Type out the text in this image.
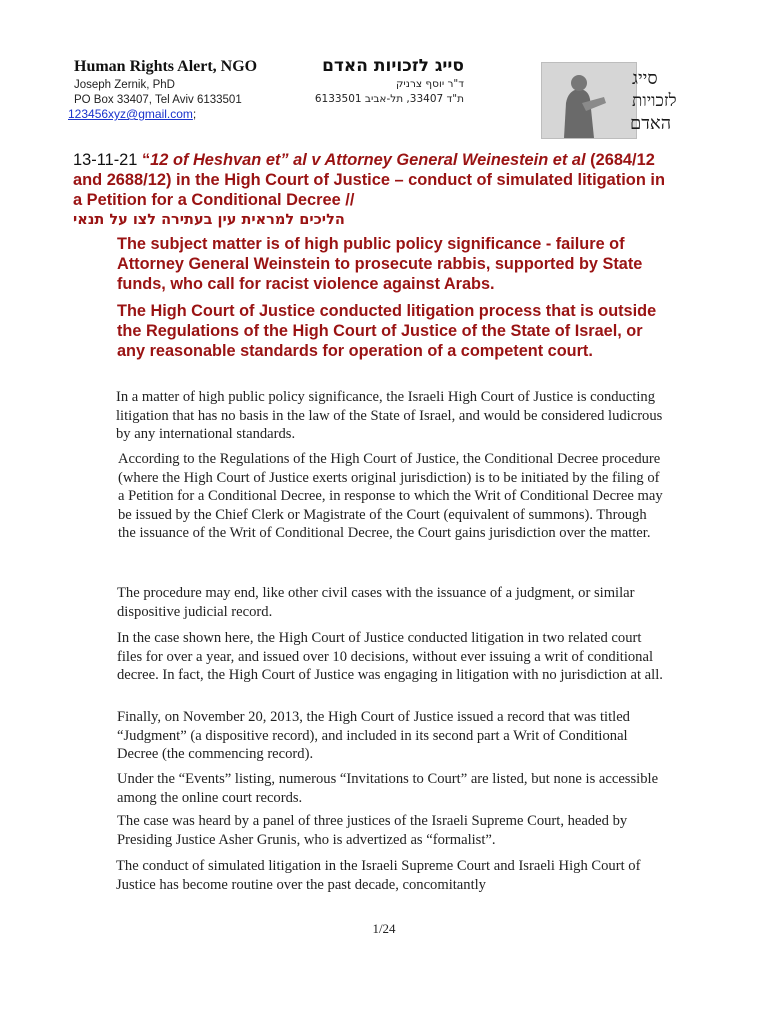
Human Rights Alert, NGO	סייג לזכויות האדם
Joseph Zernik, PhD	ד"ר יוסף צרניק
PO Box 33407, Tel Aviv 6133501	ת"ד 33407, תל-אביב 6133501
123456xyz@gmail.com;
סייג
לזכויות
האדם
13-11-21 “12 of Heshvan et” al v Attorney General Weinestein et al (2684/12 and 2688/12) in the High Court of Justice – conduct of simulated litigation in a Petition for a Conditional Decree //
הליכים למראית עין בעתירה לצו על תנאי
The subject matter is of high public policy significance - failure of Attorney General Weinstein to prosecute rabbis, supported by State funds, who call for racist violence against Arabs.
The High Court of Justice conducted litigation process that is outside the Regulations of the High Court of Justice of the State of Israel, or any reasonable standards for operation of a competent court.
In a matter of high public policy significance, the Israeli High Court of Justice is conducting litigation that has no basis in the law of the State of Israel, and would be considered ludicrous by any international standards.
According to the Regulations of the High Court of Justice, the Conditional Decree procedure (where the High Court of Justice exerts original jurisdiction) is to be initiated by the filing of a Petition for a Conditional Decree, in response to which the Writ of Conditional Decree may be issued by the Chief Clerk or Magistrate of the Court (equivalent of summons). Through the issuance of the Writ of Conditional Decree, the Court gains jurisdiction over the matter.
The procedure may end, like other civil cases with the issuance of a judgment, or similar dispositive judicial record.
In the case shown here, the High Court of Justice conducted litigation in two related court files for over a year, and issued over 10 decisions, without ever issuing a writ of conditional decree. In fact, the High Court of Justice was engaging in litigation with no jurisdiction at all.
Finally, on November 20, 2013, the High Court of Justice issued a record that was titled “Judgment” (a dispositive record), and included in its second part a Writ of Conditional Decree (the commencing record).
Under the “Events” listing, numerous “Invitations to Court” are listed, but none is accessible among the online court records.
The case was heard by a panel of three justices of the Israeli Supreme Court, headed by Presiding Justice Asher Grunis, who is advertized as “formalist”.
The conduct of simulated litigation in the Israeli Supreme Court and Israeli High Court of Justice has become routine over the past decade, concomitantly
1/24
